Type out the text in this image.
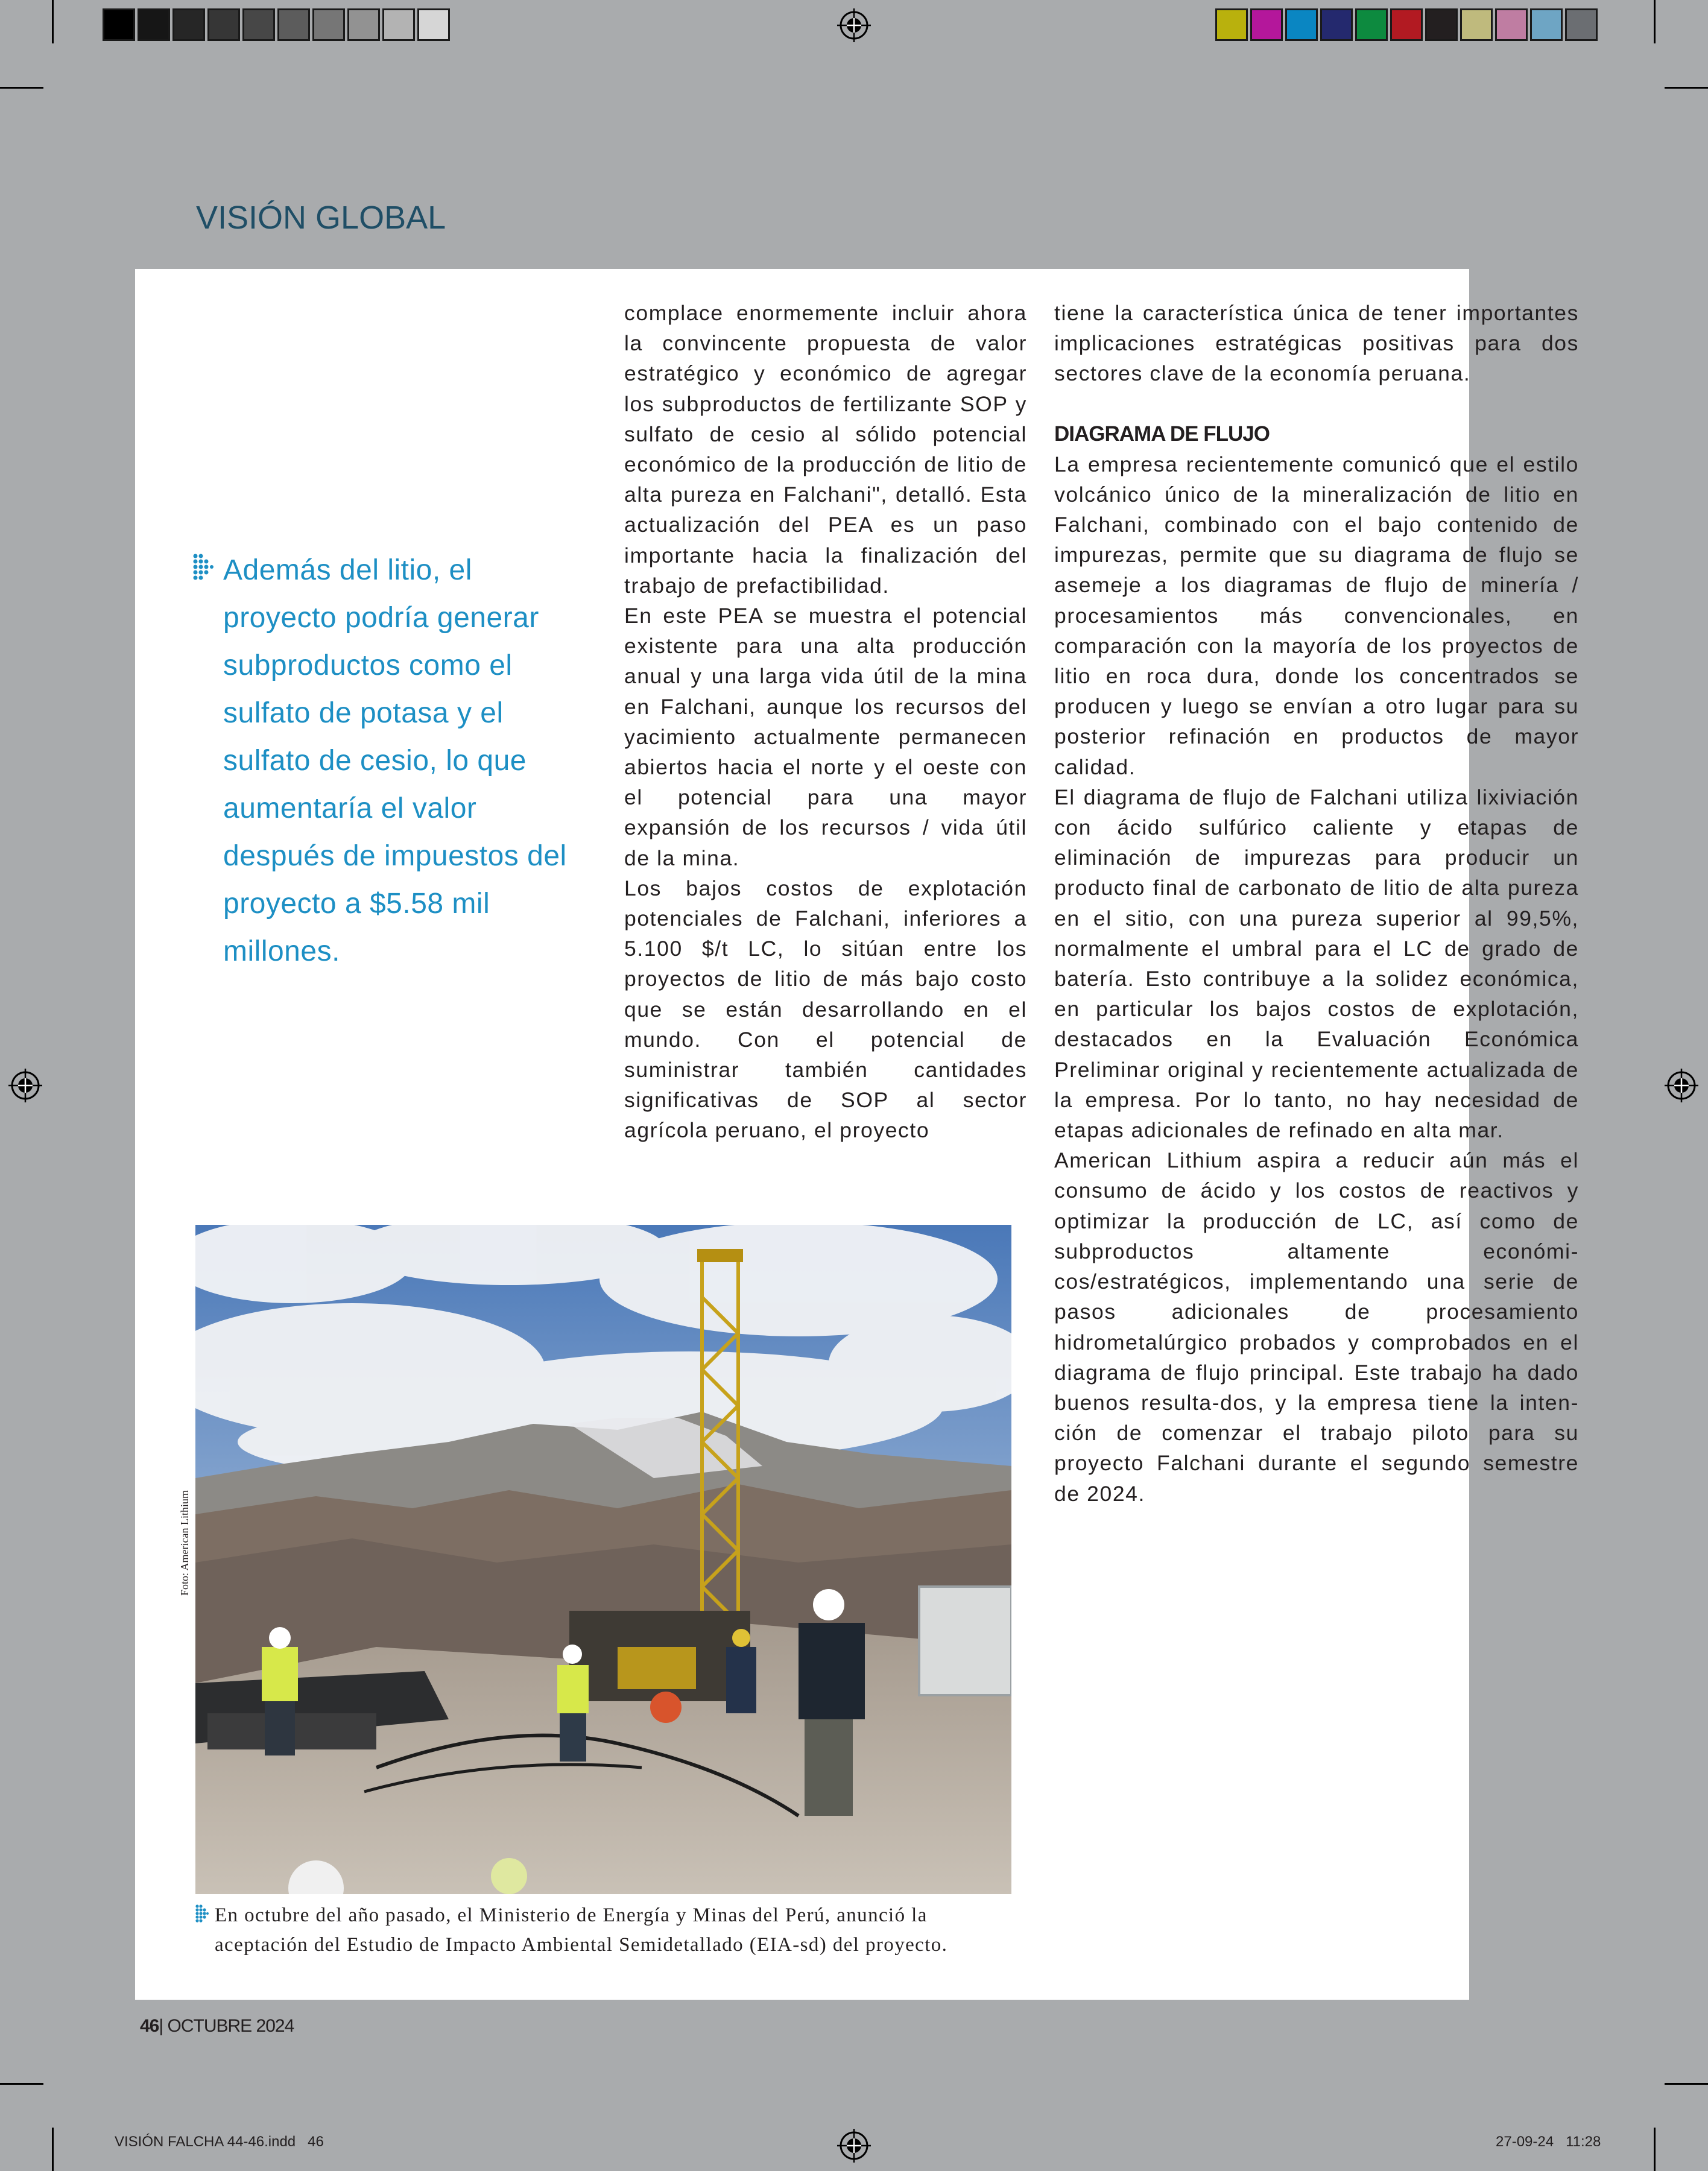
VISIÓN GLOBAL
Además del litio, el proyecto podría generar subproductos como el sulfato de potasa y el sulfato de cesio, lo que aumentaría el valor después de impuestos del proyecto a $5.58 mil millones.

complace enormemente incluir ahora la convincente propuesta de valor estratégico y económico de agregar los subproductos de fertilizante SOP y sulfato de cesio al sólido potencial económico de la producción de litio de alta pureza en Falchani", detalló. Esta actualización del PEA es un paso importante hacia la finalización del trabajo de prefactibilidad.

En este PEA se muestra el potencial existente para una alta producción anual y una larga vida útil de la mina en Falchani, aunque los recursos del yacimiento actualmente permanecen abiertos hacia el norte y el oeste con el potencial para una mayor expansión de los recursos / vida útil de la mina.

Los bajos costos de explotación potenciales de Falchani, inferiores a 5.100 $/t LC, lo sitúan entre los proyectos de litio de más bajo costo que se están desarrollando en el mundo. Con el potencial de suministrar también cantidades significativas de SOP al sector agrícola peruano, el proyecto

tiene la característica única de tener importantes implicaciones estratégicas positivas para dos sectores clave de la economía peruana.

DIAGRAMA DE FLUJO

La empresa recientemente comunicó que el estilo volcánico único de la mineralización de litio en Falchani, combinado con el bajo contenido de impurezas, permite que su diagrama de flujo se asemeje a los diagramas de flujo de minería / procesamientos más convencionales, en comparación con la mayoría de los proyectos de litio en roca dura, donde los concentrados se producen y luego se envían a otro lugar para su posterior refinación en productos de mayor calidad.

El diagrama de flujo de Falchani utiliza lixiviación con ácido sulfúrico caliente y etapas de eliminación de impurezas para producir un producto final de carbonato de litio de alta pureza en el sitio, con una pureza superior al 99,5%, normalmente el umbral para el LC de grado de batería. Esto contribuye a la solidez económica, en particular los bajos costos de explotación, destacados en la Evaluación Económica Preliminar original y recientemente actualizada de la empresa. Por lo tanto, no hay necesidad de etapas adicionales de refinado en alta mar.

American Lithium aspira a reducir aún más el consumo de ácido y los costos de reactivos y optimizar la producción de LC, así como de subproductos altamente económi-cos/estratégicos, implementando una serie de pasos adicionales de procesamiento hidrometalúrgico probados y comprobados en el diagrama de flujo principal. Este trabajo ha dado buenos resulta-dos, y la empresa tiene la inten-ción de comenzar el trabajo piloto para su proyecto Falchani durante el segundo semestre de 2024.

Foto: American Lithium
En octubre del año pasado, el Ministerio de Energía y Minas del Perú, anunció la aceptación del Estudio de Impacto Ambiental Semidetallado (EIA-sd) del proyecto.
46| OCTUBRE 2024
VISIÓN FALCHA 44-46.indd   46	27-09-24   11:28
